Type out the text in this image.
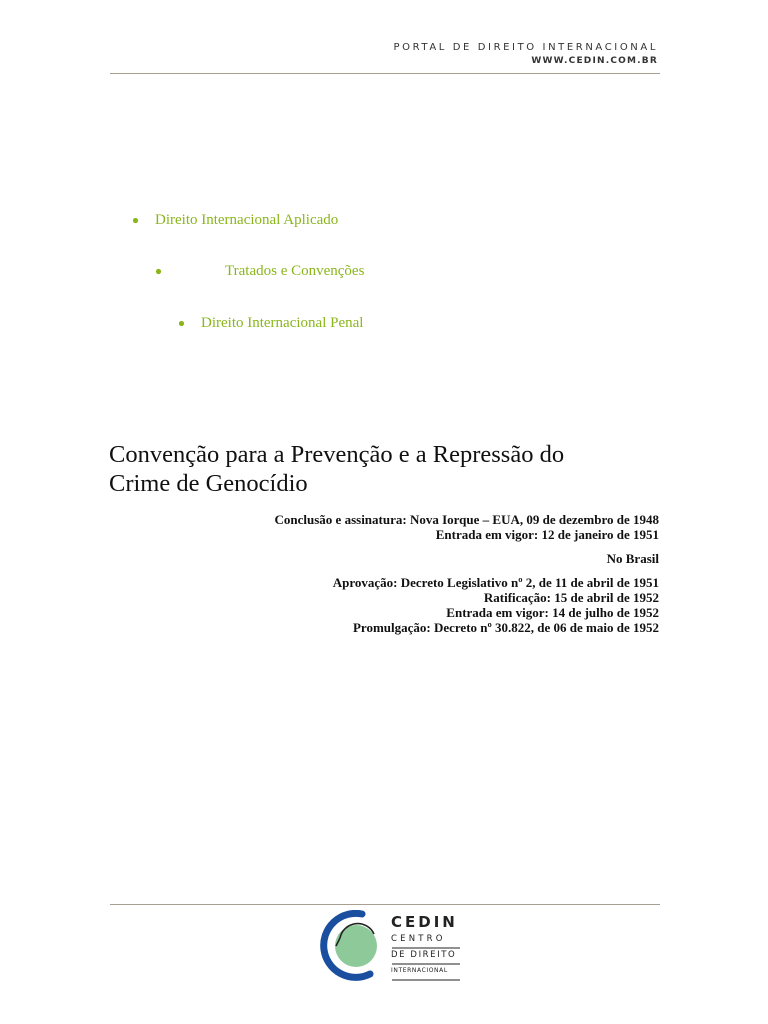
PORTAL DE DIREITO INTERNACIONAL
WWW.CEDIN.COM.BR
Direito Internacional Aplicado
Tratados e Convenções
Direito Internacional Penal
Convenção para a Prevenção e a Repressão do
Crime de Genocídio
Conclusão e assinatura: Nova Iorque – EUA, 09 de dezembro de 1948
Entrada em vigor: 12 de janeiro de 1951
No Brasil
Aprovação: Decreto Legislativo nº 2, de 11 de abril de 1951
Ratificação: 15 de abril de 1952
Entrada em vigor: 14 de julho de 1952
Promulgação: Decreto nº 30.822, de 06 de maio de 1952
CEDIN
CENTRO
DE DIREITO
INTERNACIONAL
